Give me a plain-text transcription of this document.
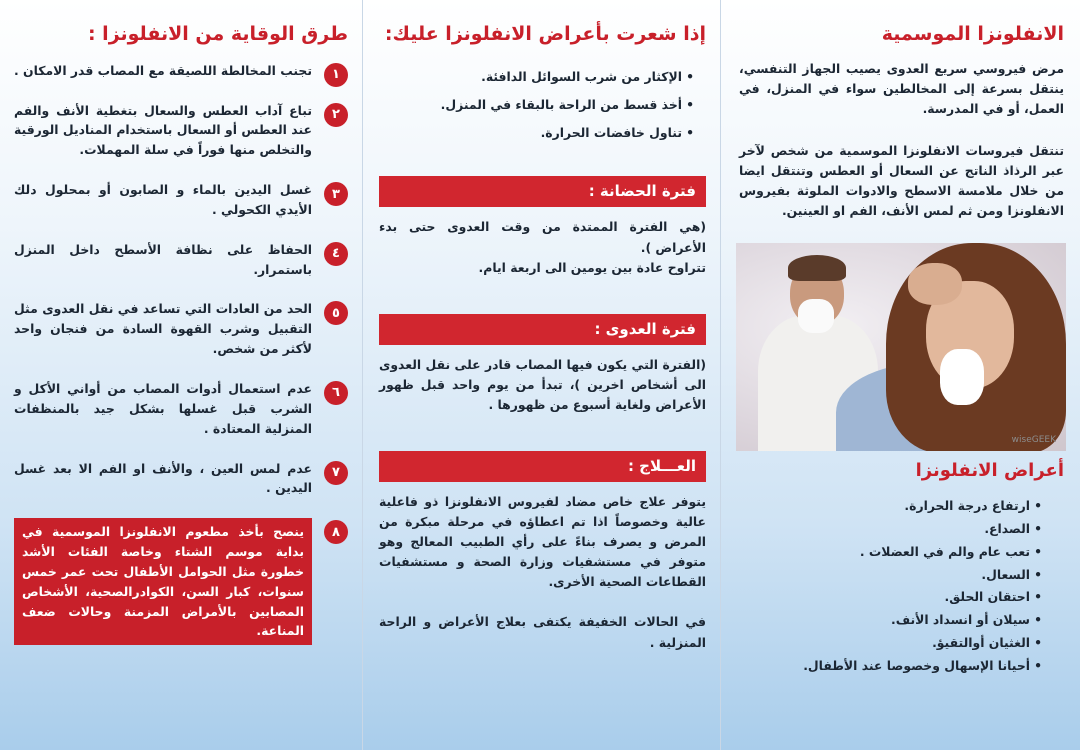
الانفلونزا الموسمية

مرض فيروسي سريع العدوى يصيب الجهاز التنفسي، ينتقل بسرعة إلى المخالطين سواء في المنزل، في العمل، أو في المدرسة.

تنتقل فيروسات الانفلونزا الموسمية من شخص لآخر عبر الرذاذ الناتج عن السعال أو العطس وتنتقل ايضا من خلال ملامسة الاسطح والادوات الملوثة بفيروس الانفلونزا ومن ثم لمس الأنف، الفم او العينين.

wiseGEEK
أعراض الانفلونزا
• ارتفاع درجة الحرارة.
• الصداع.
• تعب عام والم في العضلات .
• السعال.
• احتقان الحلق.
• سيلان أو انسداد الأنف.
• الغثيان أوالتقيؤ.
• أحيانا الإسهال وخصوصا عند الأطفال.
إذا شعرت بأعراض الانفلونزا عليك:
• الإكثار من شرب السوائل الدافئة.
• أخذ قسط من الراحة بالبقاء في المنزل.
• تناول خافضات الحرارة.
فترة الحضانة :

(هي الفترة الممتدة من وقت العدوى حتى بدء الأعراض ).

تتراوح عادة بين يومين الى اربعة ايام.

فترة العدوى :

(الفترة التي يكون فيها المصاب قادر على نقل العدوى الى أشخاص اخرين )، تبدأ من يوم واحد قبل ظهور الأعراض ولغاية أسبوع من ظهورها .

العـــلاج :

يتوفر علاج خاص مضاد لفيروس الانفلونزا ذو فاعلية عالية وخصوصاً اذا تم اعطاؤه في مرحلة مبكرة من المرض و يصرف بناءً على رأي الطبيب المعالج وهو متوفر في مستشفيات وزارة الصحة و مستشفيات القطاعات الصحية الأخرى.

في الحالات الخفيفة يكتفى بعلاج الأعراض و الراحة المنزلية .

طرق الوقاية من الانفلونزا :
١

تجنب المخالطة اللصيقة مع المصاب قدر الامكان .

٢

تباع آداب العطس والسعال بتغطية الأنف والفم عند العطس أو السعال باستخدام المناديل الورقية والتخلص منها فوراً في سلة المهملات.

٣

غسل اليدين بالماء و الصابون أو بمحلول دلك الأيدي الكحولي .

٤

الحفاظ على نظافة الأسطح داخل المنزل باستمرار.

٥

الحد من العادات التي تساعد في نقل العدوى مثل التقبيل وشرب القهوة السادة من فنجان واحد لأكثر من شخص.

٦

عدم استعمال أدوات المصاب من أواني الأكل و الشرب قبل غسلها بشكل جيد بالمنظفات المنزلية المعتادة .

٧

عدم لمس العين ، والأنف او الفم الا بعد غسل اليدين .

٨

ينصح بأخذ مطعوم الانفلونزا الموسمية في بداية موسم الشتاء وخاصة الفئات الأشد خطورة مثل الحوامل الأطفال تحت عمر خمس سنوات، كبار السن، الكوادرالصحية، الأشخاص المصابين بالأمراض المزمنة وحالات ضعف المناعة.
